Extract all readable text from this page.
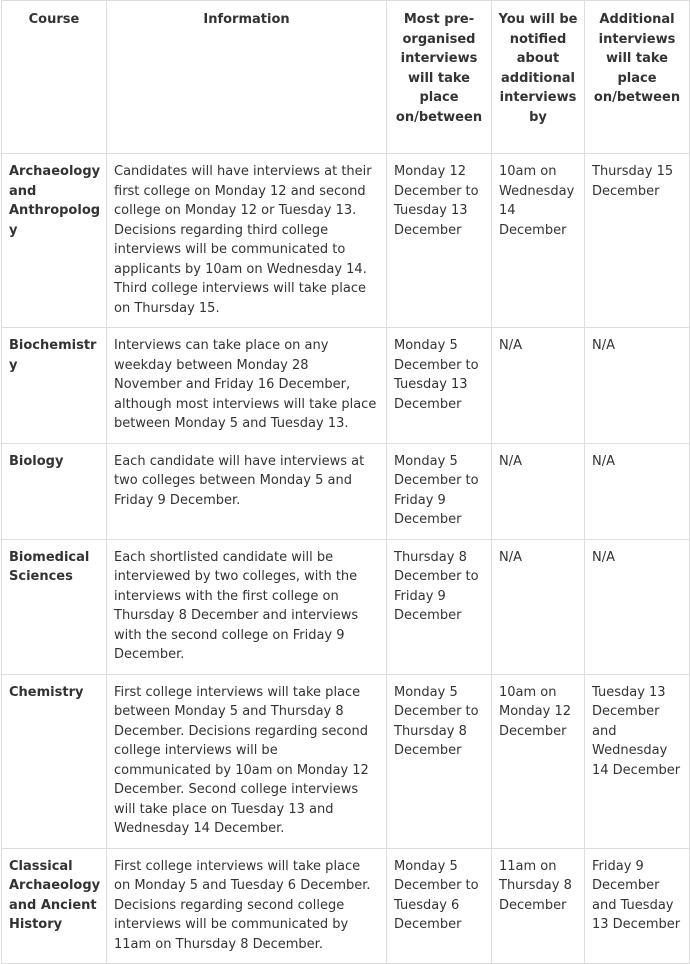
Course	Information	Most pre-organised interviews will take place on/between	You will be notified about additional interviews by	Additional interviews will take place on/between
Archaeology and Anthropology	Candidates will have interviews at their first college on Monday 12 and second college on Monday 12 or Tuesday 13. Decisions regarding third college interviews will be communicated to applicants by 10am on Wednesday 14. Third college interviews will take place on Thursday 15.	Monday 12 December to Tuesday 13 December	10am on Wednesday 14 December	Thursday 15 December
Biochemistry	Interviews can take place on any weekday between Monday 28 November and Friday 16 December, although most interviews will take place between Monday 5 and Tuesday 13.	Monday 5 December to Tuesday 13 December	N/A	N/A
Biology	Each candidate will have interviews at two colleges between Monday 5 and Friday 9 December.	Monday 5 December to Friday 9 December	N/A	N/A
Biomedical Sciences	Each shortlisted candidate will be interviewed by two colleges, with the interviews with the first college on Thursday 8 December and interviews with the second college on Friday 9 December.	Thursday 8 December to Friday 9 December	N/A	N/A
Chemistry	First college interviews will take place between Monday 5 and Thursday 8 December. Decisions regarding second college interviews will be communicated by 10am on Monday 12 December. Second college interviews will take place on Tuesday 13 and Wednesday 14 December.	Monday 5 December to Thursday 8 December	10am on Monday 12 December	Tuesday 13 December and Wednesday 14 December
Classical Archaeology and Ancient History	First college interviews will take place on Monday 5 and Tuesday 6 December. Decisions regarding second college interviews will be communicated by 11am on Thursday 8 December.	Monday 5 December to Tuesday 6 December	11am on Thursday 8 December	Friday 9 December and Tuesday 13 December
